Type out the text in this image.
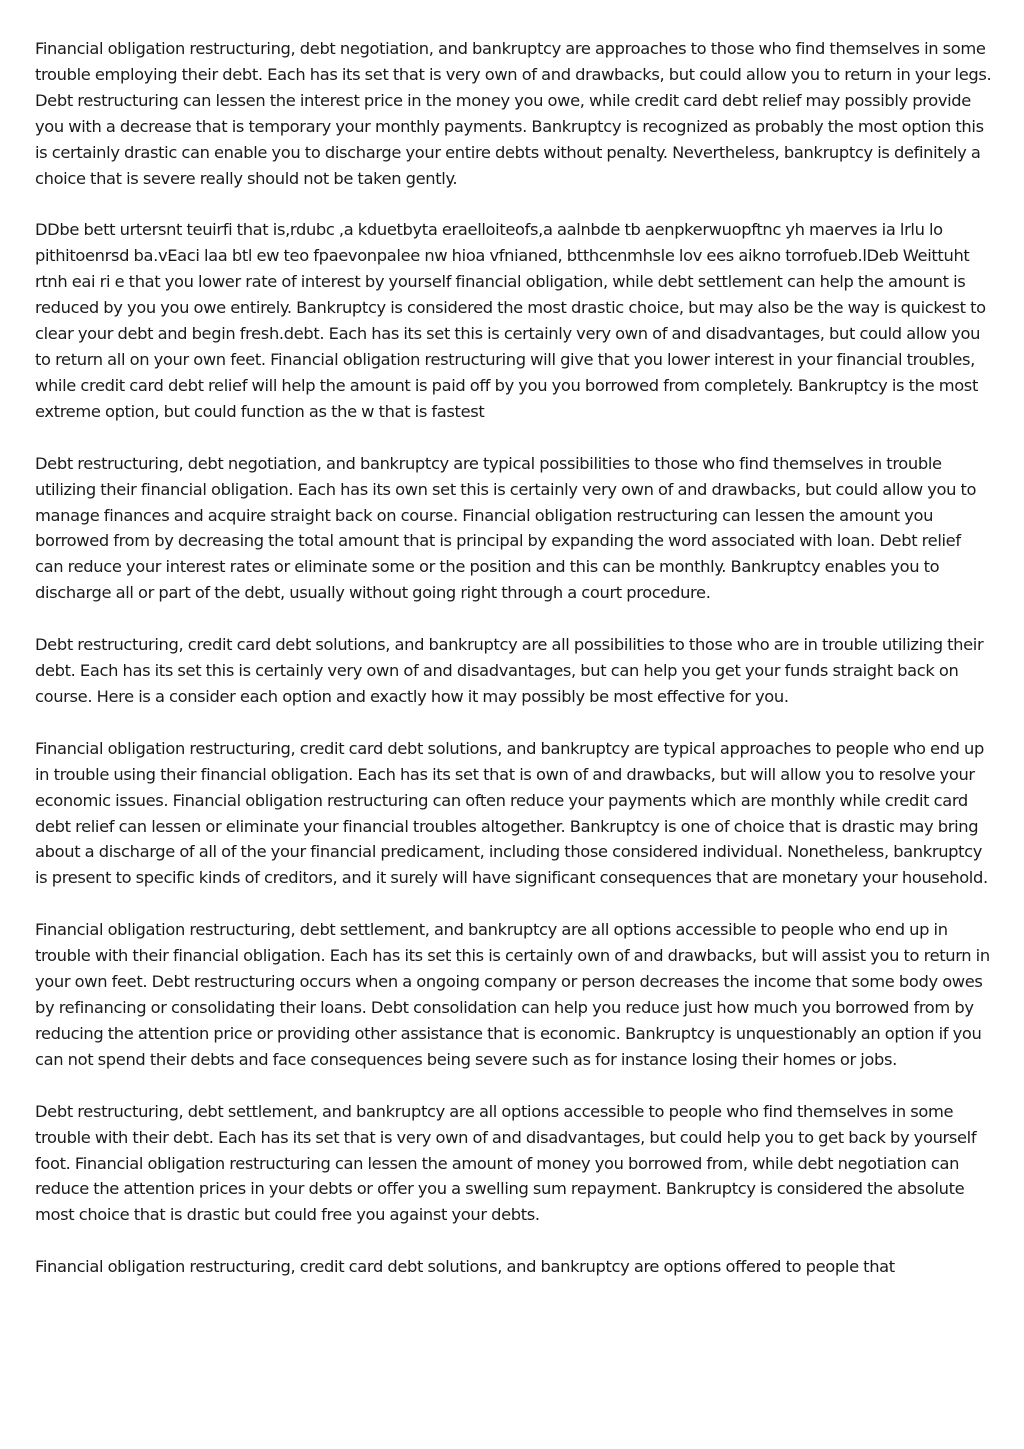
Financial obligation restructuring, debt negotiation, and bankruptcy are approaches to those who find themselves in some trouble employing their debt. Each has its set that is very own of and drawbacks, but could allow you to return in your legs. Debt restructuring can lessen the interest price in the money you owe, while credit card debt relief may possibly provide you with a decrease that is temporary your monthly payments. Bankruptcy is recognized as probably the most option this is certainly drastic can enable you to discharge your entire debts without penalty. Nevertheless, bankruptcy is definitely a choice that is severe really should not be taken gently.

DDbe bett urtersnt teuirfi that is,rdubc ,a kduetbyta eraelloiteofs,a aalnbde tb aenpkerwuopftnc yh maerves ia lrlu lo pithitoenrsd ba.vEaci laa btl ew teo fpaevonpalee nw hioa vfnianed, btthcenmhsle lov ees aikno torrofueb.lDeb Weittuht rtnh eai ri e that you lower rate of interest by yourself financial obligation, while debt settlement can help the amount is reduced by you you owe entirely. Bankruptcy is considered the most drastic choice, but may also be the way is quickest to clear your debt and begin fresh.debt. Each has its set this is certainly very own of and disadvantages, but could allow you to return all on your own feet. Financial obligation restructuring will give that you lower interest in your financial troubles, while credit card debt relief will help the amount is paid off by you you borrowed from completely. Bankruptcy is the most extreme option, but could function as the w that is fastest

Debt restructuring, debt negotiation, and bankruptcy are typical possibilities to those who find themselves in trouble utilizing their financial obligation. Each has its own set this is certainly very own of and drawbacks, but could allow you to manage finances and acquire straight back on course. Financial obligation restructuring can lessen the amount you borrowed from by decreasing the total amount that is principal by expanding the word associated with loan. Debt relief can reduce your interest rates or eliminate some or the position and this can be monthly. Bankruptcy enables you to discharge all or part of the debt, usually without going right through a court procedure.

Debt restructuring, credit card debt solutions, and bankruptcy are all possibilities to those who are in trouble utilizing their debt. Each has its set this is certainly very own of and disadvantages, but can help you get your funds straight back on course. Here is a consider each option and exactly how it may possibly be most effective for you.

Financial obligation restructuring, credit card debt solutions, and bankruptcy are typical approaches to people who end up in trouble using their financial obligation. Each has its set that is own of and drawbacks, but will allow you to resolve your economic issues. Financial obligation restructuring can often reduce your payments which are monthly while credit card debt relief can lessen or eliminate your financial troubles altogether. Bankruptcy is one of choice that is drastic may bring about a discharge of all of the your financial predicament, including those considered individual. Nonetheless, bankruptcy is present to specific kinds of creditors, and it surely will have significant consequences that are monetary your household.

Financial obligation restructuring, debt settlement, and bankruptcy are all options accessible to people who end up in trouble with their financial obligation. Each has its set this is certainly own of and drawbacks, but will assist you to return in your own feet. Debt restructuring occurs when a ongoing company or person decreases the income that some body owes by refinancing or consolidating their loans. Debt consolidation can help you reduce just how much you borrowed from by reducing the attention price or providing other assistance that is economic. Bankruptcy is unquestionably an option if you can not spend their debts and face consequences being severe such as for instance losing their homes or jobs.

Debt restructuring, debt settlement, and bankruptcy are all options accessible to people who find themselves in some trouble with their debt. Each has its set that is very own of and disadvantages, but could help you to get back by yourself foot. Financial obligation restructuring can lessen the amount of money you borrowed from, while debt negotiation can reduce the attention prices in your debts or offer you a swelling sum repayment. Bankruptcy is considered the absolute most choice that is drastic but could free you against your debts.

Financial obligation restructuring, credit card debt solutions, and bankruptcy are options offered to people that
